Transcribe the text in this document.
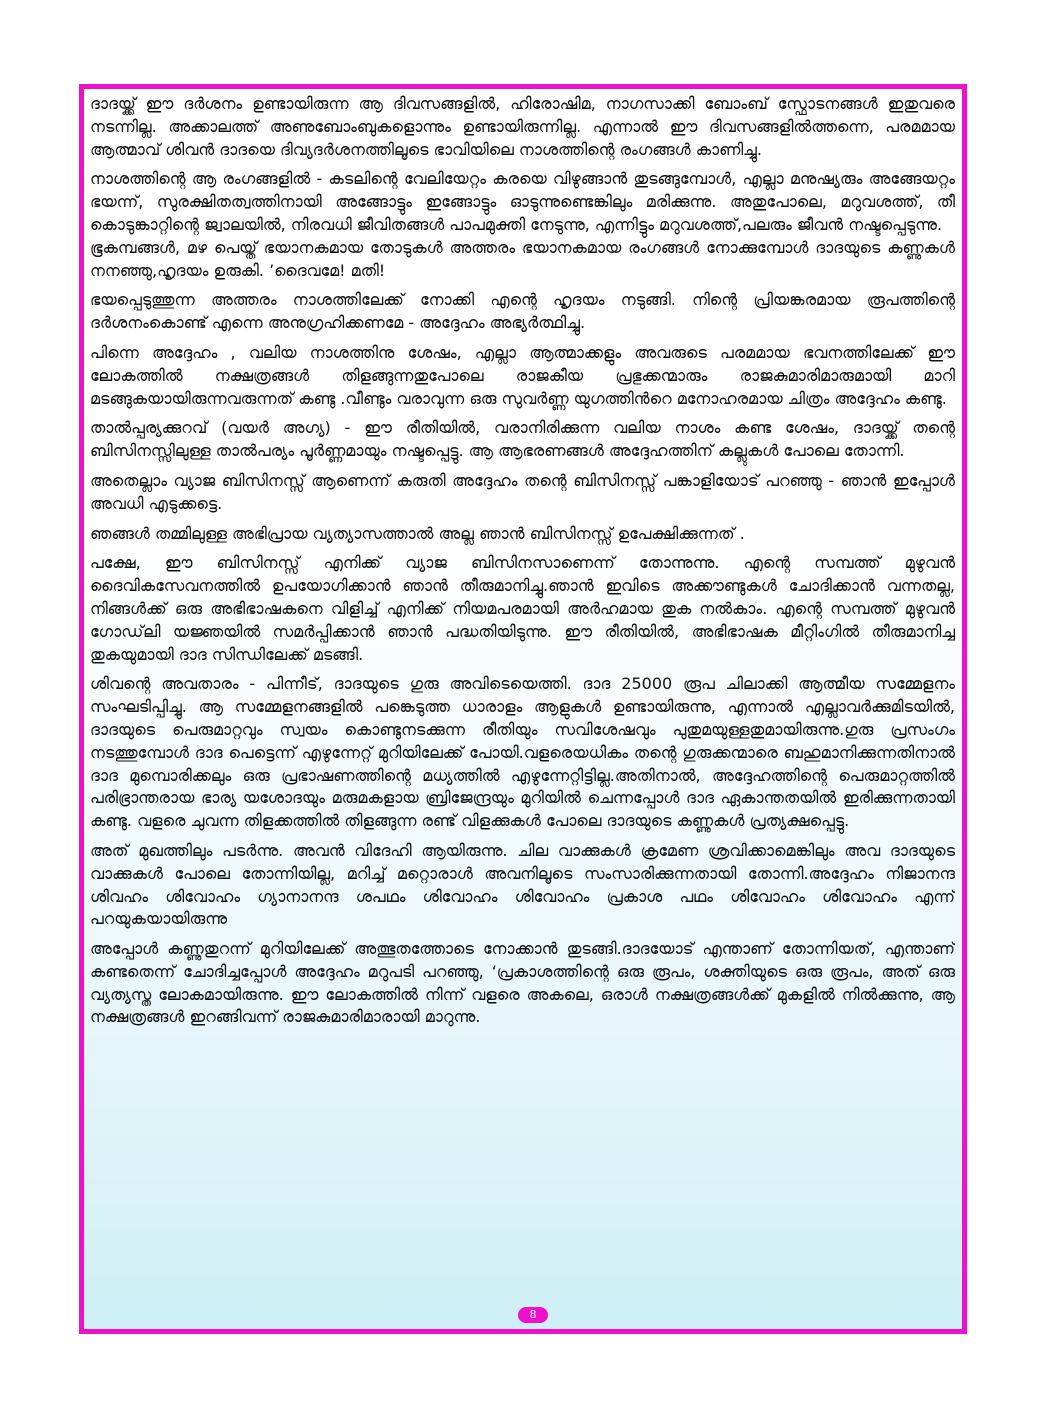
ദാദയ്ക്ക് ഈ ദർശനം ഉണ്ടായിരുന്ന ആ ദിവസങ്ങളിൽ, ഹിരോഷിമ, നാഗസാക്കി ബോംബ് സ്ഫോടനങ്ങൾ ഇതുവരെ നടന്നില്ല. അക്കാലത്ത് അണുബോംബുകളൊന്നും ഉണ്ടായിരുന്നില്ല. എന്നാൽ ഈ ദിവസങ്ങളിൽത്തന്നെ, പരമമായ ആത്മാവ് ശിവൻ ദാദയെ ദിവ്യദർശനത്തിലൂടെ ഭാവിയിലെ നാശത്തിന്റെ രംഗങ്ങൾ കാണിച്ചു.

നാശത്തിന്റെ ആ രംഗങ്ങളിൽ - കടലിന്റെ വേലിയേറ്റം കരയെ വിഴുങ്ങാൻ തുടങ്ങുമ്പോൾ, എല്ലാ മനുഷ്യരും അങ്ങേയറ്റം ഭയന്ന്, സുരക്ഷിതത്വത്തിനായി അങ്ങോട്ടും ഇങ്ങോട്ടും ഓടുന്നുണ്ടെങ്കിലും മരിക്കുന്നു. അതുപോലെ, മറുവശത്ത്, തീ കൊടുങ്കാറ്റിന്റെ ജ്വാലയിൽ, നിരവധി ജീവിതങ്ങൾ പാപമുക്തി നേടുന്നു, എന്നിട്ടും മറുവശത്ത്,പലരും ജീവൻ നഷ്ടപ്പെടുന്നു.

ഭൂകമ്പങ്ങൾ, മഴ പെയ്ത് ഭയാനകമായ തോടുകൾ അത്തരം ഭയാനകമായ രംഗങ്ങൾ നോക്കുമ്പോൾ ദാദയുടെ കണ്ണുകൾ നനഞ്ഞു,ഹൃദയം ഉരുകി. ’ദൈവമേ! മതി!

ഭയപ്പെടുത്തുന്ന അത്തരം നാശത്തിലേക്ക് നോക്കി എന്റെ ഹൃദയം നടുങ്ങി. നിന്റെ പ്രിയങ്കരമായ രൂപത്തിന്റെ ദർശനംകൊണ്ട് എന്നെ അനുഗ്രഹിക്കണമേ - അദ്ദേഹം അഭ്യർത്ഥിച്ചു.

പിന്നെ അദ്ദേഹം , വലിയ നാശത്തിനു ശേഷം, എല്ലാ ആത്മാക്കളും അവരുടെ പരമമായ ഭവനത്തിലേക്ക് ഈ ലോകത്തിൽ നക്ഷത്രങ്ങൾ തിളങ്ങുന്നതുപോലെ രാജകീയ പ്രഭുക്കന്മാരും രാജകുമാരിമാരുമായി മാറി മടങ്ങുകയായിരുന്നവരുന്നത് കണ്ടു .വീണ്ടും വരാവുന്ന ഒരു സുവർണ്ണ യുഗത്തിൻറെ മനോഹരമായ ചിത്രം അദ്ദേഹം കണ്ടു.

താൽപ്പര്യക്കുറവ് (വയർ അഗ്യ) - ഈ രീതിയിൽ, വരാനിരിക്കുന്ന വലിയ നാശം കണ്ട ശേഷം, ദാദയ്ക്ക് തന്റെ ബിസിനസ്സിലുള്ള താൽപര്യം പൂർണ്ണമായും നഷ്ടപ്പെട്ടു. ആ ആഭരണങ്ങൾ അദ്ദേഹത്തിന് കല്ലുകൾ പോലെ തോന്നി.

അതെല്ലാം വ്യാജ ബിസിനസ്സ് ആണെന്ന് കരുതി അദ്ദേഹം തന്റെ ബിസിനസ്സ് പങ്കാളിയോട് പറഞ്ഞു - ഞാൻ ഇപ്പോൾ അവധി എടുക്കട്ടെ.

ഞങ്ങൾ തമ്മിലുള്ള അഭിപ്രായ വ്യത്യാസത്താൽ അല്ല ഞാൻ ബിസിനസ്സ് ഉപേക്ഷിക്കുന്നത് .

പക്ഷേ, ഈ ബിസിനസ്സ് എനിക്ക് വ്യാജ ബിസിനസാണെന്ന് തോന്നുന്നു. എന്റെ സമ്പത്ത് മുഴുവൻ ദൈവികസേവനത്തിൽ ഉപയോഗിക്കാൻ ഞാൻ തീരുമാനിച്ചു.ഞാൻ ഇവിടെ അക്കൗണ്ടുകൾ ചോദിക്കാൻ വന്നതല്ല, നിങ്ങൾക്ക് ഒരു അഭിഭാഷകനെ വിളിച്ച് എനിക്ക് നിയമപരമായി അർഹമായ തുക നൽകാം. എന്റെ സമ്പത്ത് മുഴുവൻ ഗോഡ്‌ലി യജ്ഞയിൽ സമർപ്പിക്കാൻ ഞാൻ പദ്ധതിയിടുന്നു. ഈ രീതിയിൽ, അഭിഭാഷക മീറ്റിംഗിൽ തീരുമാനിച്ച തുകയുമായി ദാദ സിന്ധിലേക്ക് മടങ്ങി.

ശിവന്റെ അവതാരം - പിന്നീട്, ദാദയുടെ ഗുരു അവിടെയെത്തി. ദാദ 25000 രൂപ ചിലാക്കി ആത്മീയ സമ്മേളനം സംഘടിപ്പിച്ചു. ആ സമ്മേളനങ്ങളിൽ പങ്കെടുത്ത ധാരാളം ആളുകൾ ഉണ്ടായിരുന്നു, എന്നാൽ എല്ലാവർക്കുമിടയിൽ, ദാദയുടെ പെരുമാറ്റവും സ്വയം കൊണ്ടുനടക്കുന്ന രീതിയും സവിശേഷവും പുതുമയുള്ളതുമായിരുന്നു.ഗുരു പ്രസംഗം നടത്തുമ്പോൾ ദാദ പെട്ടെന്ന് എഴുന്നേറ്റ് മുറിയിലേക്ക് പോയി.വളരെയധികം തന്റെ ഗുരുക്കന്മാരെ ബഹുമാനിക്കുന്നതിനാൽ ദാദ മുമ്പൊരിക്കലും ഒരു പ്രഭാഷണത്തിന്റെ മധ്യത്തിൽ എഴുന്നേറ്റിട്ടില്ല.അതിനാൽ, അദ്ദേഹത്തിന്റെ പെരുമാറ്റത്തിൽ പരിഭ്രാന്തരായ ഭാര്യ യശോദയും മരുമകളായ ബ്രിജേന്ദ്രയും മുറിയിൽ ചെന്നപ്പോൾ ദാദ ഏകാന്തതയിൽ ഇരിക്കുന്നതായി കണ്ടു. വളരെ ചുവന്ന തിളക്കത്തിൽ തിളങ്ങുന്ന രണ്ട് വിളക്കുകൾ പോലെ ദാദയുടെ കണ്ണുകൾ പ്രത്യക്ഷപ്പെട്ടു.

അത് മുഖത്തിലും പടർന്നു. അവൻ വിദേഹി ആയിരുന്നു. ചില വാക്കുകൾ ക്രമേണ ശ്രവിക്കാമെങ്കിലും അവ ദാദയുടെ വാക്കുകൾ പോലെ തോന്നിയില്ല, മറിച്ച് മറ്റൊരാൾ അവനിലൂടെ സംസാരിക്കുന്നതായി തോന്നി.അദ്ദേഹം നിജാനന്ദ ശിവഹം ശിവോഹം ഗ്യാനാനന്ദ ശപഥം ശിവോഹം ശിവോഹം പ്രകാശ പഥം ശിവോഹം ശിവോഹം എന്ന് പറയുകയായിരുന്നു

അപ്പോൾ കണ്ണുതുറന്ന് മുറിയിലേക്ക് അത്ഭുതത്തോടെ നോക്കാൻ തുടങ്ങി.ദാദയോട് എന്താണ് തോന്നിയത്, എന്താണ് കണ്ടതെന്ന് ചോദിച്ചപ്പോൾ അദ്ദേഹം മറുപടി പറഞ്ഞു, ‘പ്രകാശത്തിന്റെ ഒരു രൂപം, ശക്തിയുടെ ഒരു രൂപം, അത് ഒരു വ്യത്യസ്ത ലോകമായിരുന്നു. ഈ ലോകത്തിൽ നിന്ന് വളരെ അകലെ, ഒരാൾ നക്ഷത്രങ്ങൾക്ക് മുകളിൽ നിൽക്കുന്നു, ആ നക്ഷത്രങ്ങൾ ഇറങ്ങിവന്ന് രാജകുമാരിമാരായി മാറുന്നു.

8
